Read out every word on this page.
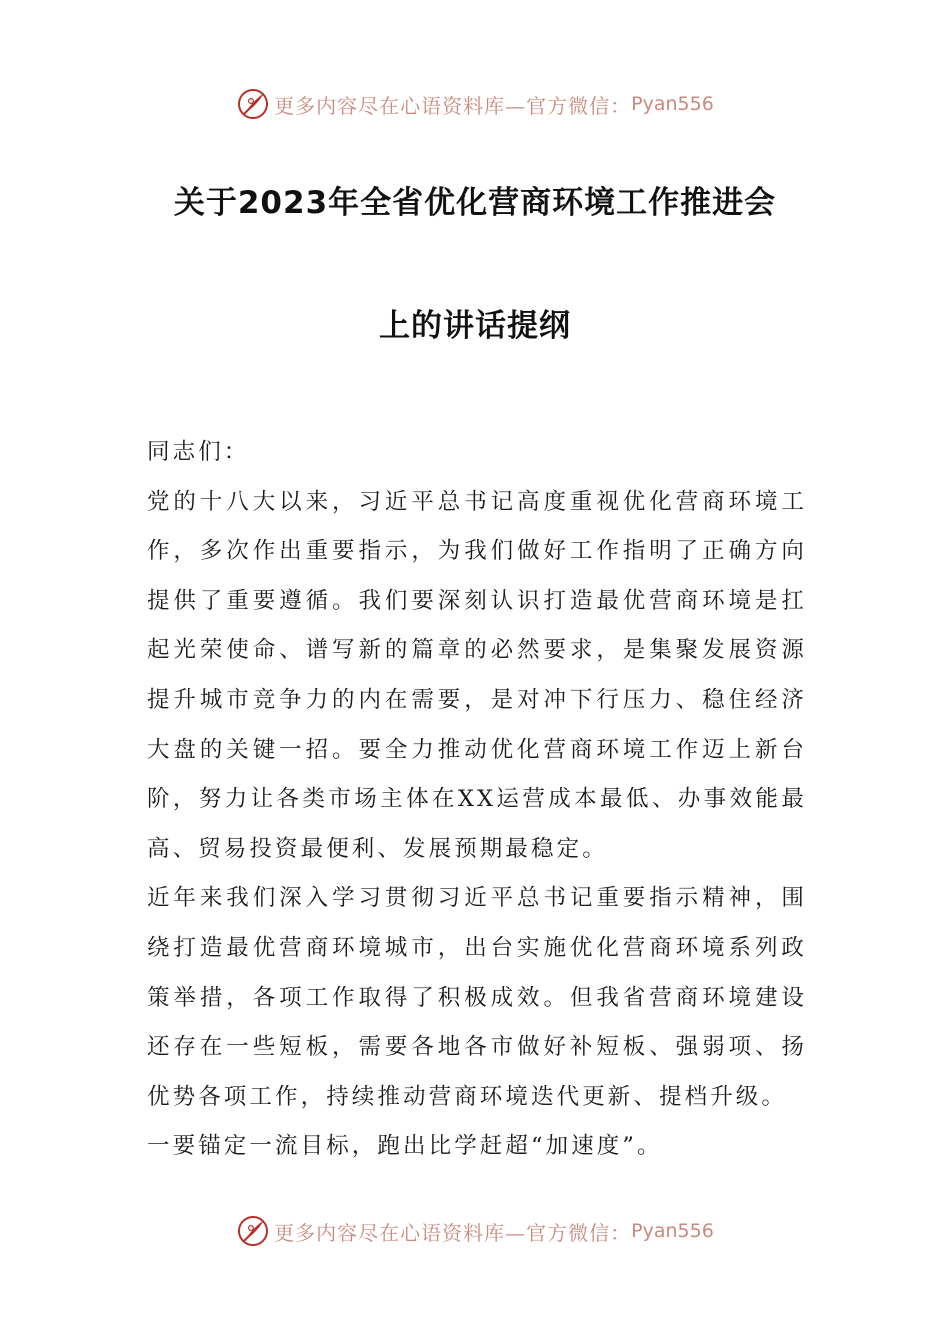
更多内容尽在心语资料库—官方微信： Pyan556
关于2023年全省优化营商环境工作推进会
上的讲话提纲

同志们：

党的十八大以来，习近平总书记高度重视优化营商环境工作，多次作出重要指示，为我们做好工作指明了正确方向提供了重要遵循。我们要深刻认识打造最优营商环境是扛起光荣使命、谱写新的篇章的必然要求，是集聚发展资源提升城市竞争力的内在需要，是对冲下行压力、稳住经济大盘的关键一招。要全力推动优化营商环境工作迈上新台阶，努力让各类市场主体在XX运营成本最低、办事效能最高、贸易投资最便利、发展预期最稳定。

近年来我们深入学习贯彻习近平总书记重要指示精神，围绕打造最优营商环境城市，出台实施优化营商环境系列政策举措，各项工作取得了积极成效。但我省营商环境建设还存在一些短板，需要各地各市做好补短板、强弱项、扬优势各项工作，持续推动营商环境迭代更新、提档升级。

一要锚定一流目标，跑出比学赶超“加速度”。

更多内容尽在心语资料库—官方微信： Pyan556
